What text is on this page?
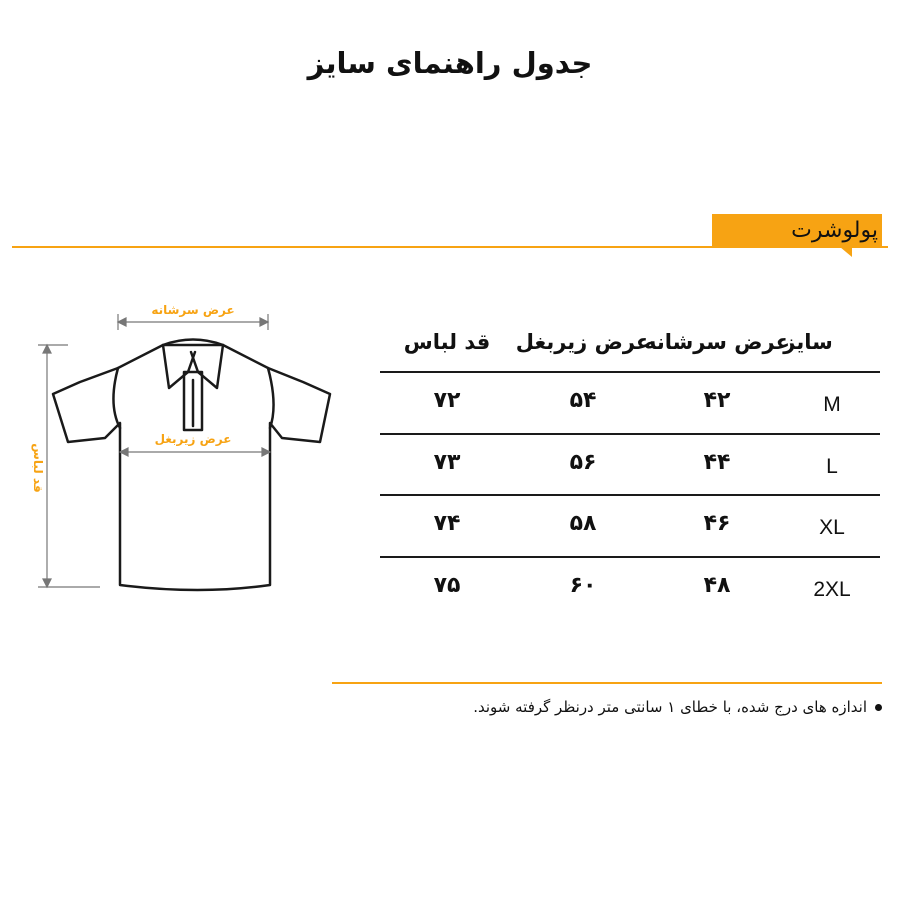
جدول راهنمای سایز
پولوشرت
عرض سرشانه
عرض زیربغل
قد لباس
سایز
عرض سرشانه
عرض زیربغل
قد لباس
M
۴۲
۵۴
۷۲
L
۴۴
۵۶
۷۳
XL
۴۶
۵۸
۷۴
2XL
۴۸
۶۰
۷۵
اندازه های درج شده، با خطای ۱ سانتی متر درنظر گرفته شوند.
